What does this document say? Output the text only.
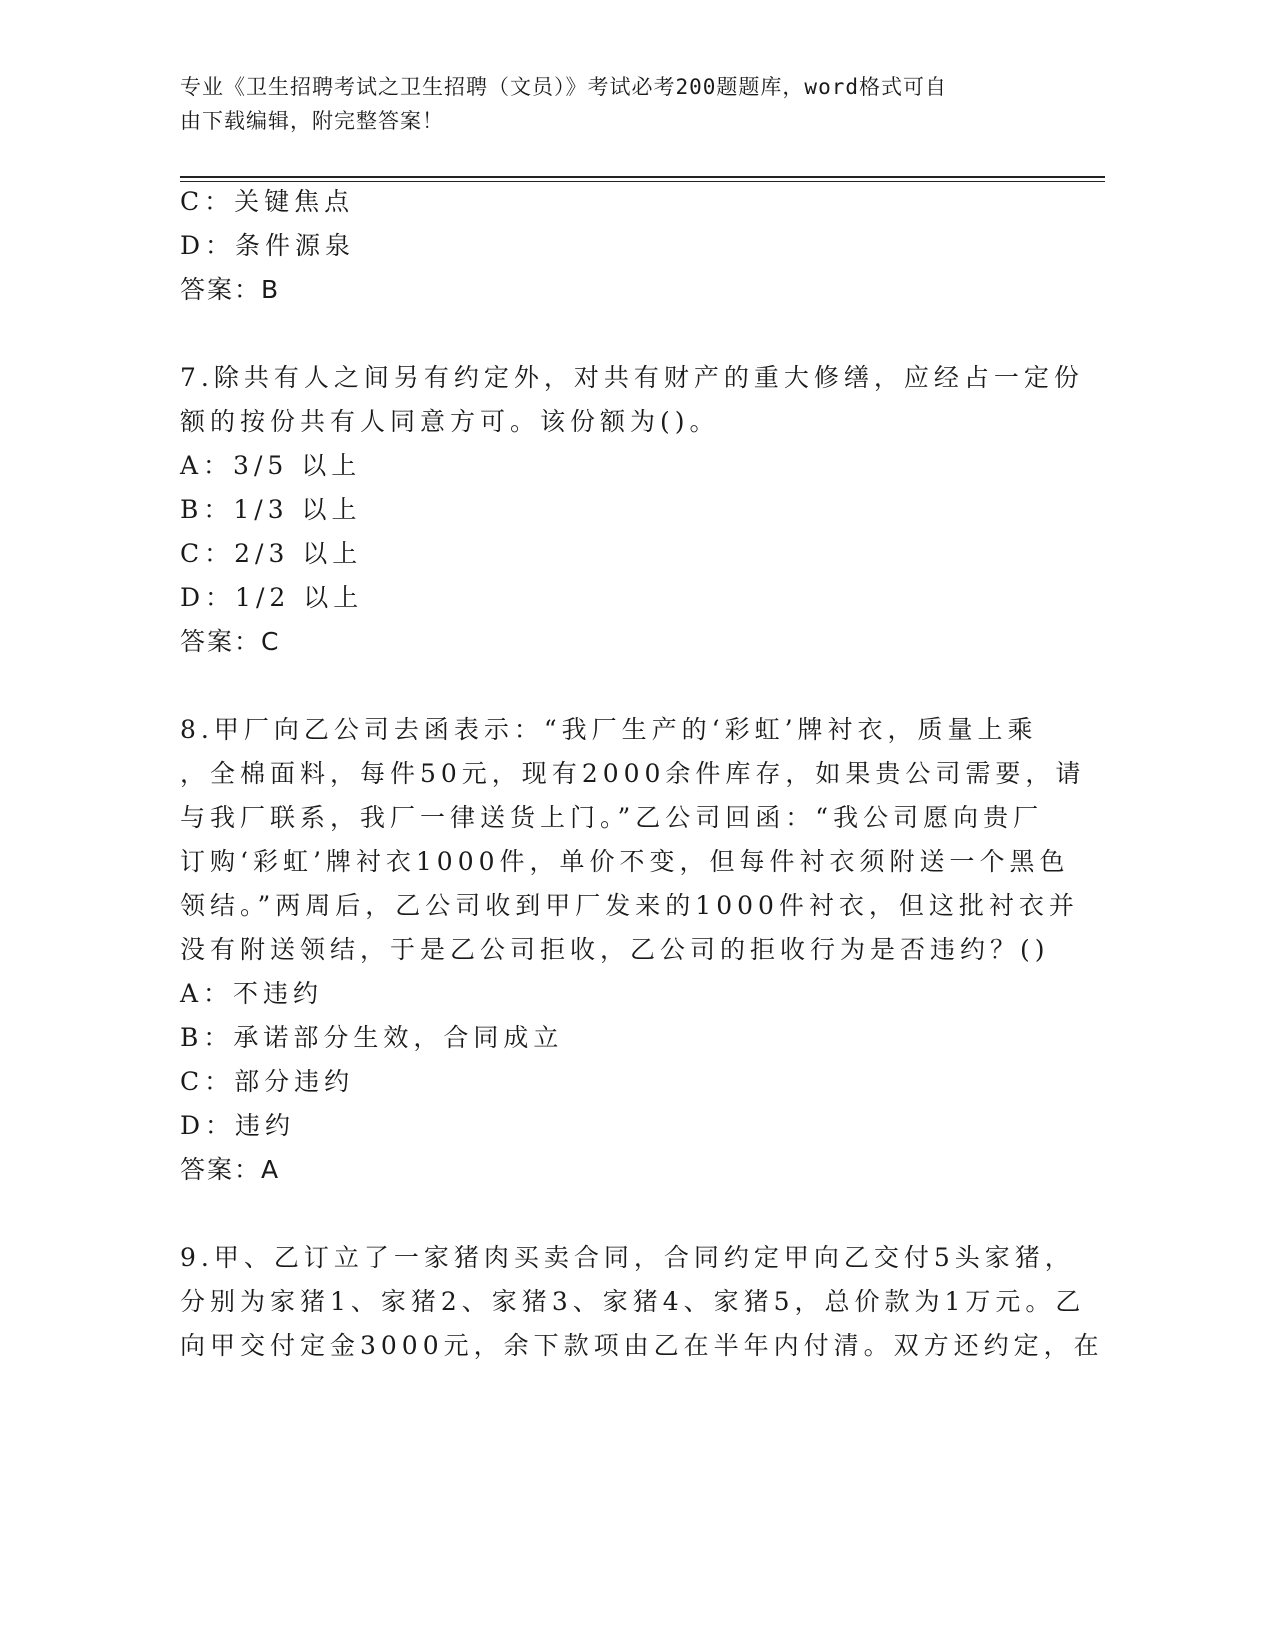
专业《卫生招聘考试之卫生招聘（文员）》考试必考200题题库，word格式可自
由下载编辑，附完整答案！
C：关键焦点
D：条件源泉
答案：B
7.除共有人之间另有约定外，对共有财产的重大修缮，应经占一定份
额的按份共有人同意方可。该份额为()。
A：3/5 以上
B：1/3 以上
C：2/3 以上
D：1/2 以上
答案：C
8.甲厂向乙公司去函表示：“我厂生产的‘彩虹’牌衬衣，质量上乘
，全棉面料，每件50元，现有2000余件库存，如果贵公司需要，请
与我厂联系，我厂一律送货上门。”乙公司回函：“我公司愿向贵厂
订购‘彩虹’牌衬衣1000件，单价不变，但每件衬衣须附送一个黑色
领结。”两周后，乙公司收到甲厂发来的1000件衬衣，但这批衬衣并
没有附送领结，于是乙公司拒收，乙公司的拒收行为是否违约？()
A：不违约
B：承诺部分生效，合同成立
C：部分违约
D：违约
答案：A
9.甲、乙订立了一家猪肉买卖合同，合同约定甲向乙交付5头家猪，
分别为家猪1、家猪2、家猪3、家猪4、家猪5，总价款为1万元。乙
向甲交付定金3000元，余下款项由乙在半年内付清。双方还约定，在
